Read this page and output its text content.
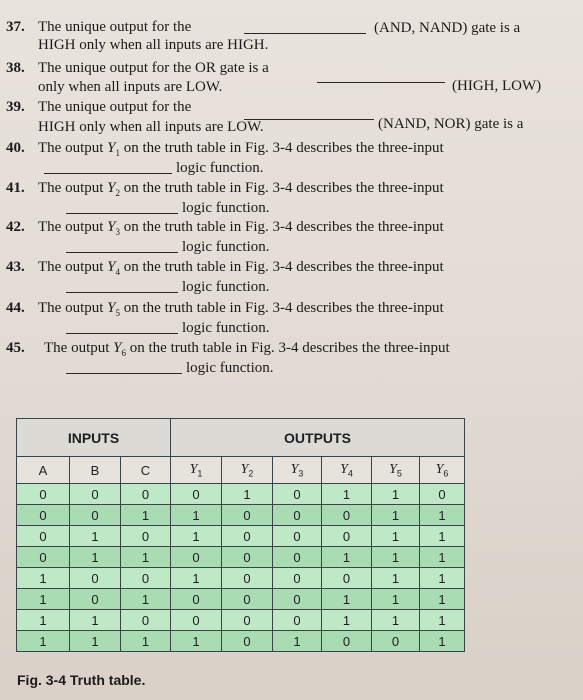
37. The unique output for the	(AND, NAND) gate is a
HIGH only when all inputs are HIGH.
38. The unique output for the OR gate is a
(HIGH, LOW)
only when all inputs are LOW.
39. The unique output for the
(NAND, NOR) gate is a
HIGH only when all inputs are LOW.
40. The output $Y_1$ on the truth table in Fig. 3-4 describes the three-input
logic function.
41. The output $Y_2$ on the truth table in Fig. 3-4 describes the three-input
logic function.
42. The output $Y_3$ on the truth table in Fig. 3-4 describes the three-input
logic function.
43. The output $Y_4$ on the truth table in Fig. 3-4 describes the three-input
logic function.
44. The output $Y_5$ on the truth table in Fig. 3-4 describes the three-input
logic function.
45. The output $Y_6$ on the truth table in Fig. 3-4 describes the three-input
logic function.
INPUTS			OUTPUTS					
A	B	C	$Y_1$	$Y_2$	$Y_3$	$Y_4$	$Y_5$	$Y_6$
0	0	0	0	1	0	1	1	0
0	0	1	1	0	0	0	1	1
0	1	0	1	0	0	0	1	1
0	1	1	0	0	0	1	1	1
1	0	0	1	0	0	0	1	1
1	0	1	0	0	0	1	1	1
1	1	0	0	0	0	1	1	1
1	1	1	1	0	1	0	0	1
Fig. 3-4 Truth table.
